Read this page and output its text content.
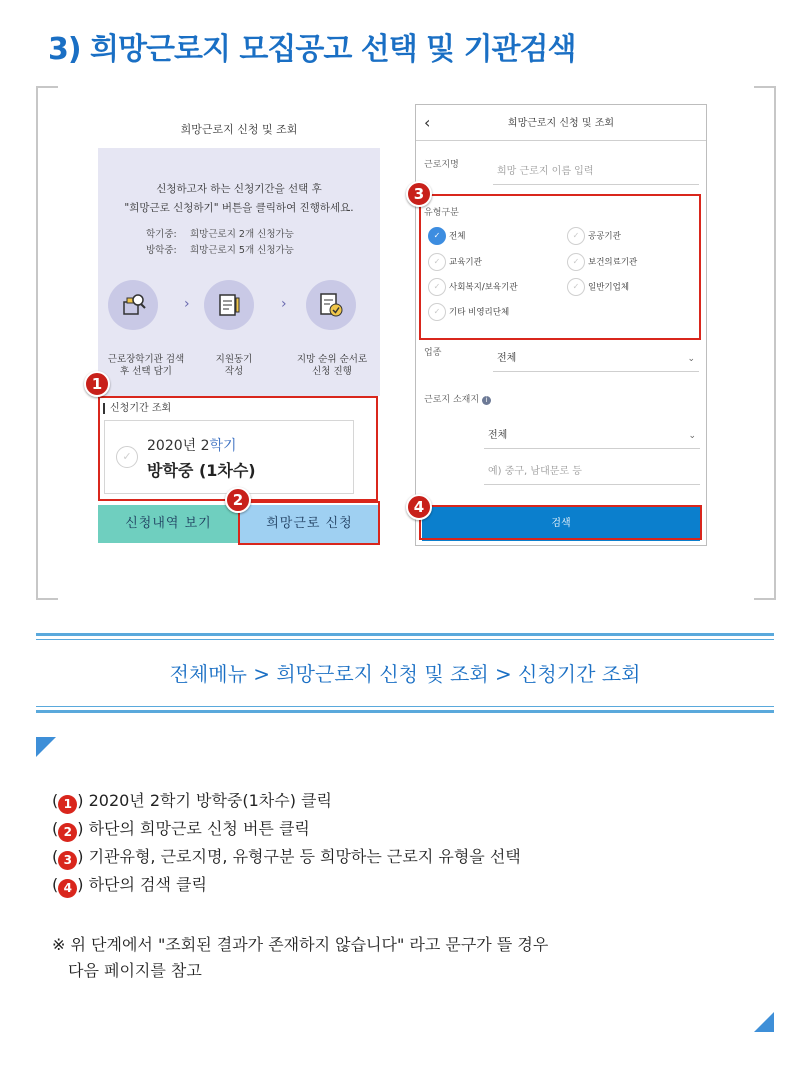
3) 희망근로지 모집공고 선택 및 기관검색
희망근로지 신청 및 조회
신청하고자 하는 신청기간을 선택 후
"희망근로 신청하기" 버튼을 클릭하여 진행하세요.
학기중: 희망근로지 2개 신청가능
방학중: 희망근로지 5개 신청가능
›	›
근로장학기관 검색
후 선택 담기
지원동기
작성
지망 순위 순서로
신청 진행
신청기간 조회
✓
2020년 2학기
방학중 (1차수)
신청내역 보기	희망근로 신청
희망근로지 신청 및 조회
‹
근로지명
희망 근로지 이름 입력
유형구분
✓ 전체	✓ 공공기관
✓ 교육기관	✓ 보건의료기관
✓ 사회복지/보육기관	✓ 일반기업체
✓ 기타 비영리단체
업종	전체	⌄
근로지 소재지 i
전체	⌄
예) 중구, 남대문로 등
검색
1
2
3
4
전체메뉴 > 희망근로지 신청 및 조회 > 신청기간 조회
( 1 ) 2020년 2학기 방학중(1차수) 클릭
( 2 ) 하단의 희망근로 신청 버튼 클릭
( 3 ) 기관유형, 근로지명, 유형구분 등 희망하는 근로지 유형을 선택
( 4 ) 하단의 검색 클릭
※ 위 단계에서 "조회된 결과가 존재하지 않습니다" 라고 문구가 뜰 경우
다음 페이지를 참고
